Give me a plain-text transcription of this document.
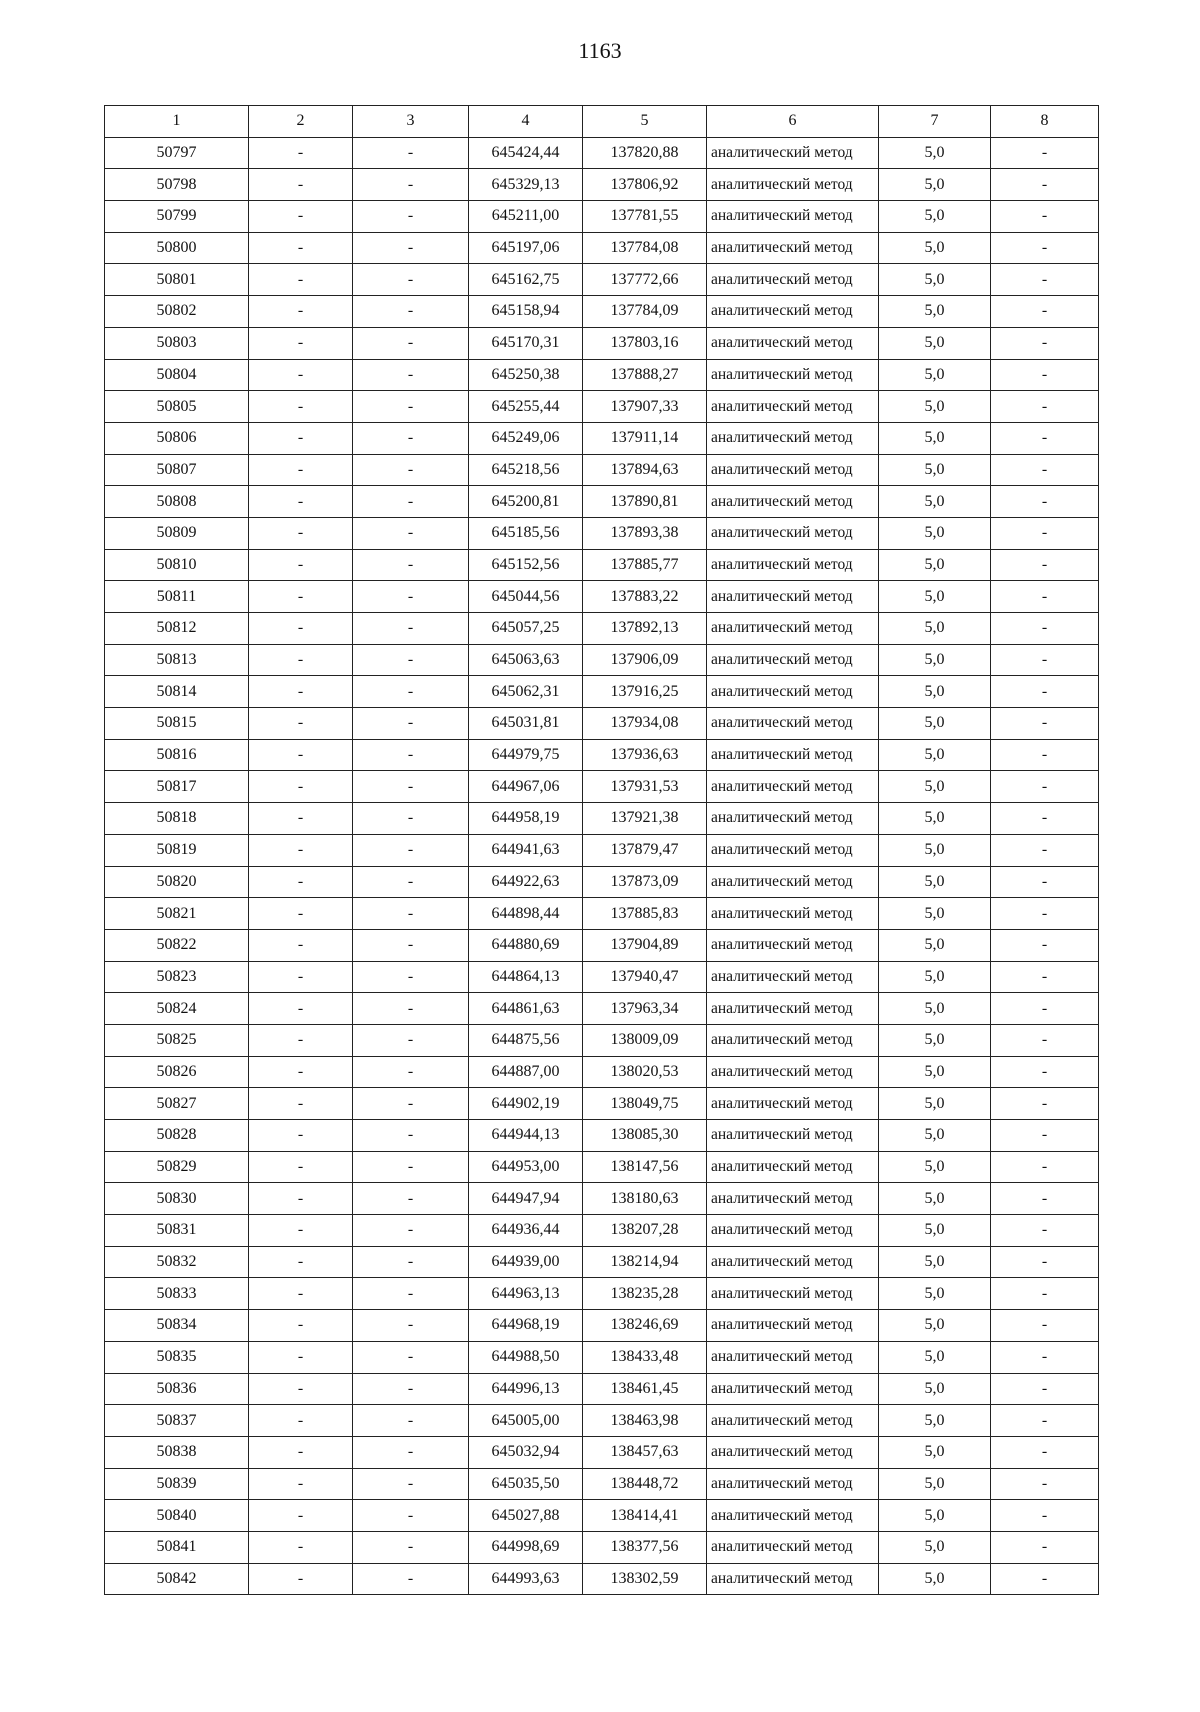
1163
1	2	3	4	5	6	7	8
50797	-	-	645424,44	137820,88	аналитический метод	5,0	-
50798	-	-	645329,13	137806,92	аналитический метод	5,0	-
50799	-	-	645211,00	137781,55	аналитический метод	5,0	-
50800	-	-	645197,06	137784,08	аналитический метод	5,0	-
50801	-	-	645162,75	137772,66	аналитический метод	5,0	-
50802	-	-	645158,94	137784,09	аналитический метод	5,0	-
50803	-	-	645170,31	137803,16	аналитический метод	5,0	-
50804	-	-	645250,38	137888,27	аналитический метод	5,0	-
50805	-	-	645255,44	137907,33	аналитический метод	5,0	-
50806	-	-	645249,06	137911,14	аналитический метод	5,0	-
50807	-	-	645218,56	137894,63	аналитический метод	5,0	-
50808	-	-	645200,81	137890,81	аналитический метод	5,0	-
50809	-	-	645185,56	137893,38	аналитический метод	5,0	-
50810	-	-	645152,56	137885,77	аналитический метод	5,0	-
50811	-	-	645044,56	137883,22	аналитический метод	5,0	-
50812	-	-	645057,25	137892,13	аналитический метод	5,0	-
50813	-	-	645063,63	137906,09	аналитический метод	5,0	-
50814	-	-	645062,31	137916,25	аналитический метод	5,0	-
50815	-	-	645031,81	137934,08	аналитический метод	5,0	-
50816	-	-	644979,75	137936,63	аналитический метод	5,0	-
50817	-	-	644967,06	137931,53	аналитический метод	5,0	-
50818	-	-	644958,19	137921,38	аналитический метод	5,0	-
50819	-	-	644941,63	137879,47	аналитический метод	5,0	-
50820	-	-	644922,63	137873,09	аналитический метод	5,0	-
50821	-	-	644898,44	137885,83	аналитический метод	5,0	-
50822	-	-	644880,69	137904,89	аналитический метод	5,0	-
50823	-	-	644864,13	137940,47	аналитический метод	5,0	-
50824	-	-	644861,63	137963,34	аналитический метод	5,0	-
50825	-	-	644875,56	138009,09	аналитический метод	5,0	-
50826	-	-	644887,00	138020,53	аналитический метод	5,0	-
50827	-	-	644902,19	138049,75	аналитический метод	5,0	-
50828	-	-	644944,13	138085,30	аналитический метод	5,0	-
50829	-	-	644953,00	138147,56	аналитический метод	5,0	-
50830	-	-	644947,94	138180,63	аналитический метод	5,0	-
50831	-	-	644936,44	138207,28	аналитический метод	5,0	-
50832	-	-	644939,00	138214,94	аналитический метод	5,0	-
50833	-	-	644963,13	138235,28	аналитический метод	5,0	-
50834	-	-	644968,19	138246,69	аналитический метод	5,0	-
50835	-	-	644988,50	138433,48	аналитический метод	5,0	-
50836	-	-	644996,13	138461,45	аналитический метод	5,0	-
50837	-	-	645005,00	138463,98	аналитический метод	5,0	-
50838	-	-	645032,94	138457,63	аналитический метод	5,0	-
50839	-	-	645035,50	138448,72	аналитический метод	5,0	-
50840	-	-	645027,88	138414,41	аналитический метод	5,0	-
50841	-	-	644998,69	138377,56	аналитический метод	5,0	-
50842	-	-	644993,63	138302,59	аналитический метод	5,0	-
